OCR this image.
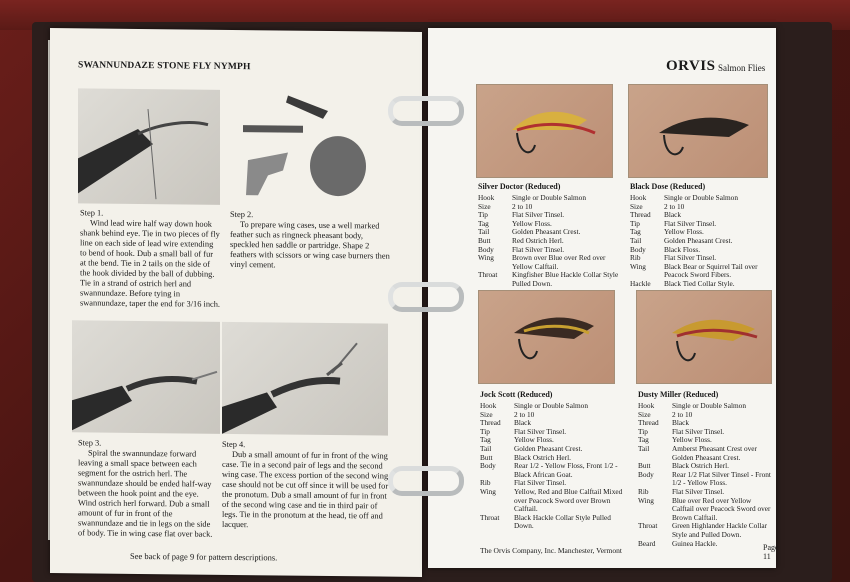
SWANNUNDAZE STONE FLY NYMPH
Step 1.
Wind lead wire half way down hook shank behind eye. Tie in two pieces of fly line on each side of lead wire extending to bend of hook. Dub a small ball of fur at the bend. Tie in 2 tails on the side of the hook divided by the ball of dubbing. Tie in a strand of ostrich herl and swannundaze. Before tying in swannundaze, taper the end for 3/16 inch.
Step 2.
To prepare wing cases, use a well marked feather such as ringneck pheasant body, speckled hen saddle or partridge. Shape 2 feathers with scissors or wing case burners then vinyl cement.
Step 3.
Spiral the swannundaze forward leaving a small space between each segment for the ostrich herl. The swannundaze should be ended half-way between the hook point and the eye. Wind ostrich herl forward. Dub a small amount of fur in front of the swannundaze and tie in legs on the side of body. Tie in wing case flat over back.
Step 4.
Dub a small amount of fur in front of the wing case. Tie in a second pair of legs and the second wing case. The excess portion of the second wing case should not be cut off since it will be used for the pronotum. Dub a small amount of fur in front of the second wing case and tie in third pair of legs. Tie in the pronotum at the head, tie off and lacquer.
See back of page 9 for pattern descriptions.
ORVIS Salmon Flies
Silver Doctor (Reduced)	Black Dose (Reduced)
Hook	Single or Double Salmon
Size	2 to 10
Tip	Flat Silver Tinsel.
Tag	Yellow Floss.
Tail	Golden Pheasant Crest.
Butt	Red Ostrich Herl.
Body	Flat Silver Tinsel.
Wing	Brown over Blue over Red over Yellow Calftail.
Throat	Kingfisher Blue Hackle Collar Style Pulled Down.
Hook	Single or Double Salmon
Size	2 to 10
Thread	Black
Tip	Flat Silver Tinsel.
Tag	Yellow Floss.
Tail	Golden Pheasant Crest.
Body	Black Floss.
Rib	Flat Silver Tinsel.
Wing	Black Bear or Squirrel Tail over Peacock Sword Fibers.
Hackle	Black Tied Collar Style.
Jock Scott (Reduced)	Dusty Miller (Reduced)
Hook	Single or Double Salmon
Size	2 to 10
Thread	Black
Tip	Flat Silver Tinsel.
Tag	Yellow Floss.
Tail	Golden Pheasant Crest.
Butt	Black Ostrich Herl.
Body	Rear 1/2 - Yellow Floss, Front 1/2 - Black African Goat.
Rib	Flat Silver Tinsel.
Wing	Yellow, Red and Blue Calftail Mixed over Peacock Sword over Brown Calftail.
Throat	Black Hackle Collar Style Pulled Down.
Hook	Single or Double Salmon
Size	2 to 10
Thread	Black
Tip	Flat Silver Tinsel.
Tag	Yellow Floss.
Tail	Amberst Pheasant Crest over Golden Pheasant Crest.
Butt	Black Ostrich Herl.
Body	Rear 1/2 Flat Silver Tinsel - Front 1/2 - Yellow Floss.
Rib	Flat Silver Tinsel.
Wing	Blue over Red over Yellow Calftail over Peacock Sword over Brown Calftail.
Throat	Green Highlander Hackle Collar Style and Pulled Down.
Beard	Guinea Hackle.
The Orvis Company, Inc. Manchester, Vermont	Page 11
